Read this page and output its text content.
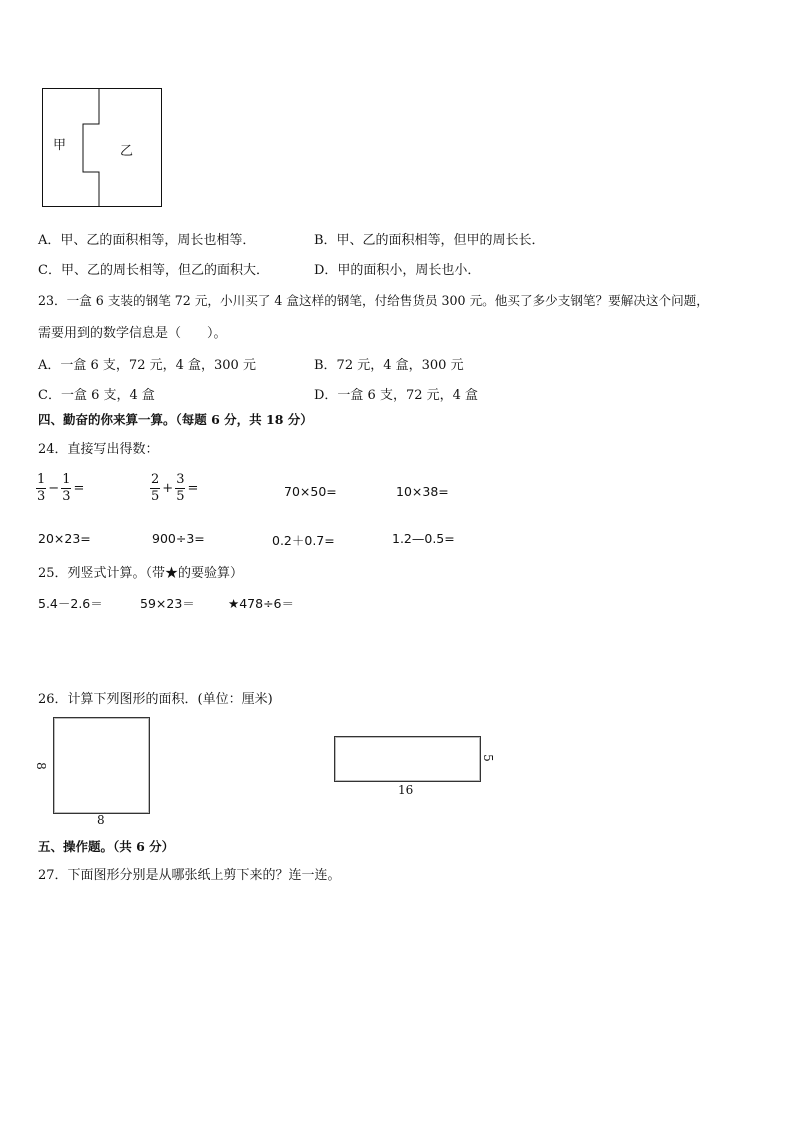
甲	乙
A．甲、乙的面积相等，周长也相等．	B．甲、乙的面积相等，但甲的周长长．
C．甲、乙的周长相等，但乙的面积大．	D．甲的面积小，周长也小．
23．一盒 6 支装的钢笔 72 元，小川买了 4 盒这样的钢笔，付给售货员 300 元。他买了多少支钢笔？要解决这个问题，
需要用到的数学信息是（　　）。
A．一盒 6 支，72 元，4 盒，300 元	B．72 元，4 盒，300 元
C．一盒 6 支，4 盒	D．一盒 6 支，72 元，4 盒
四、勤奋的你来算一算。（每题 6 分，共 18 分）
24．直接写出得数：
$\frac{1}{3} - \frac{1}{3}$ =	$\frac{2}{5} + \frac{3}{5}$ =	70×50=	10×38=
20×23=	900÷3=	0.2＋0.7=	1.2—0.5=
25．列竖式计算。（带★的要验算）
5.4－2.6＝	59×23＝	★478÷6＝
26．计算下列图形的面积．(单位：厘米)
8
8
5
16
五、操作题。（共 6 分）
27．下面图形分别是从哪张纸上剪下来的？连一连。
